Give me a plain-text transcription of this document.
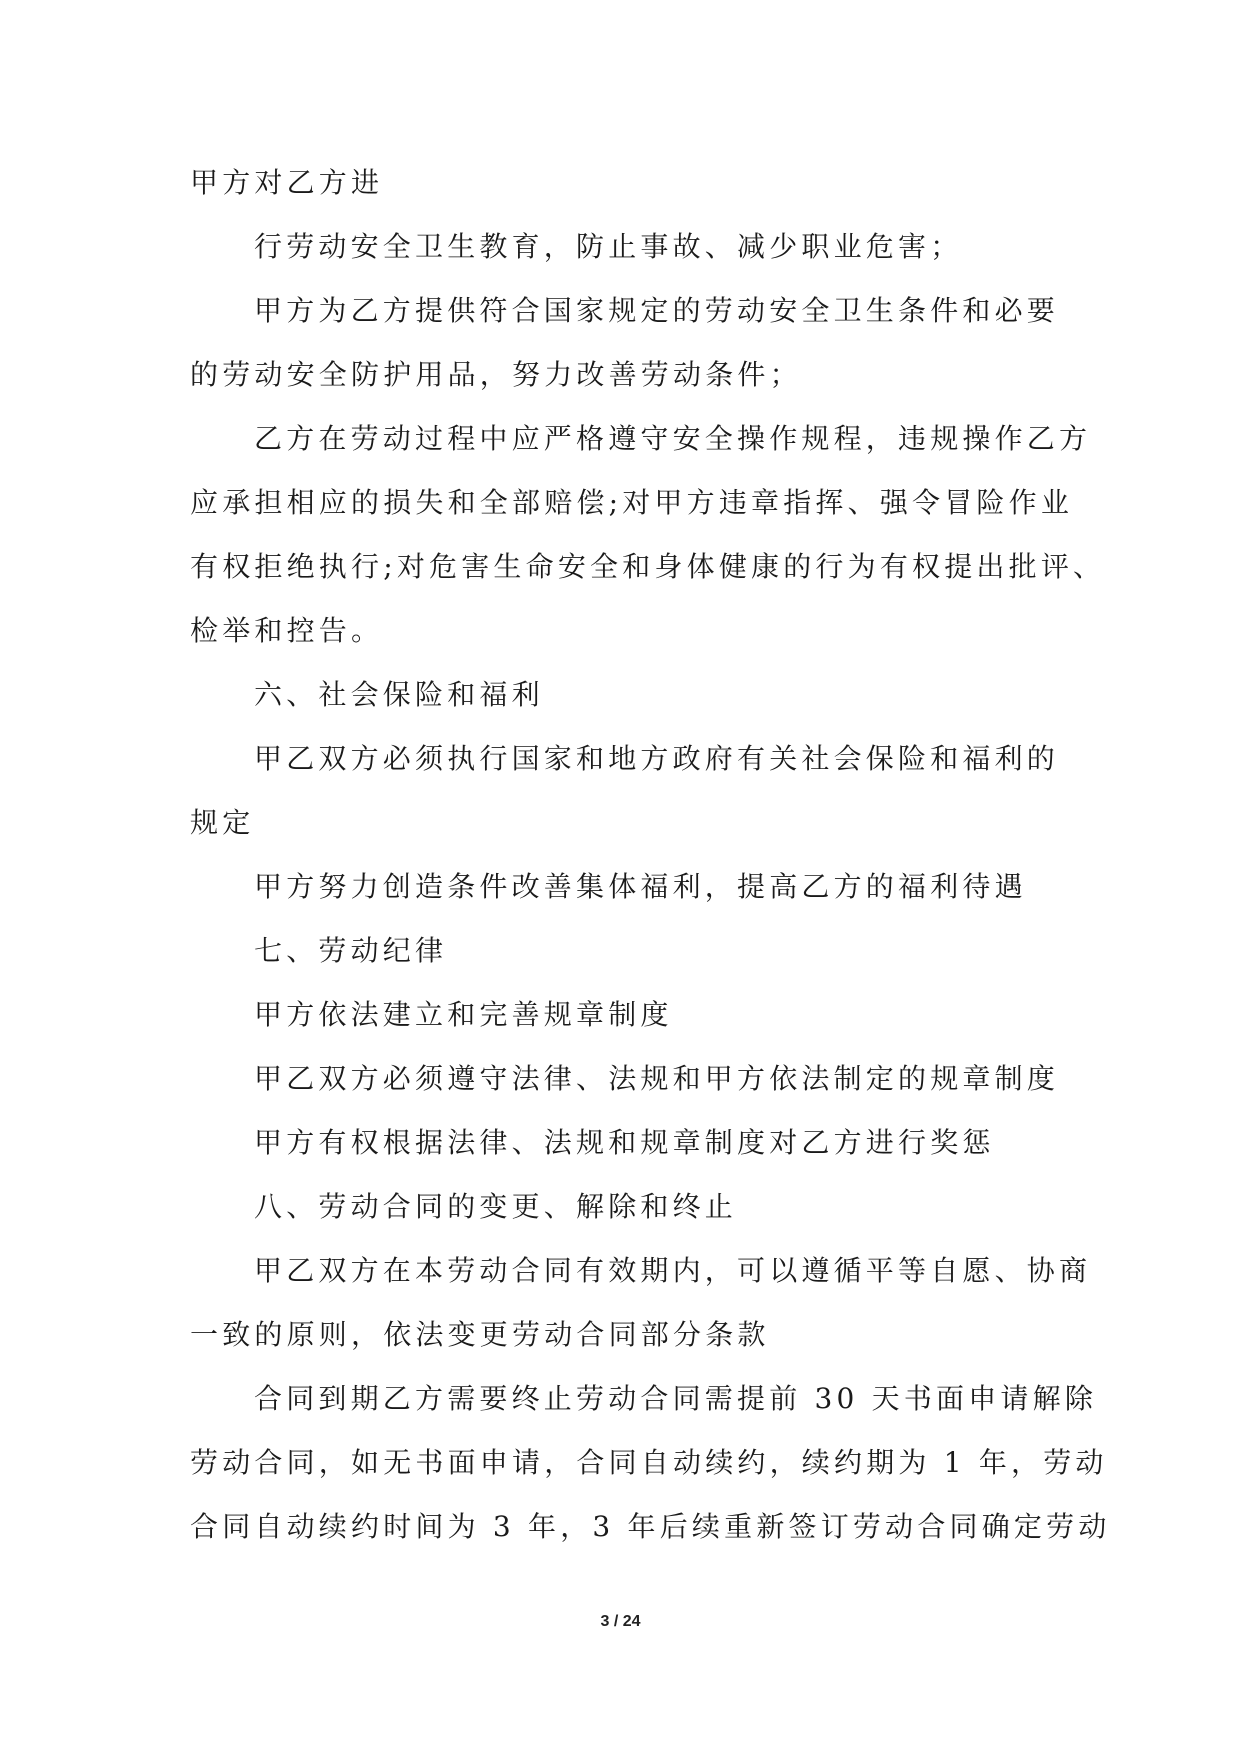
甲方对乙方进
行劳动安全卫生教育，防止事故、减少职业危害；
甲方为乙方提供符合国家规定的劳动安全卫生条件和必要
的劳动安全防护用品，努力改善劳动条件；
乙方在劳动过程中应严格遵守安全操作规程，违规操作乙方
应承担相应的损失和全部赔偿;对甲方违章指挥、强令冒险作业
有权拒绝执行;对危害生命安全和身体健康的行为有权提出批评、
检举和控告。
六、社会保险和福利
甲乙双方必须执行国家和地方政府有关社会保险和福利的
规定
甲方努力创造条件改善集体福利，提高乙方的福利待遇
七、劳动纪律
甲方依法建立和完善规章制度
甲乙双方必须遵守法律、法规和甲方依法制定的规章制度
甲方有权根据法律、法规和规章制度对乙方进行奖惩
八、劳动合同的变更、解除和终止
甲乙双方在本劳动合同有效期内，可以遵循平等自愿、协商
一致的原则，依法变更劳动合同部分条款
合同到期乙方需要终止劳动合同需提前 30 天书面申请解除
劳动合同，如无书面申请，合同自动续约，续约期为 1 年，劳动
合同自动续约时间为 3 年，3 年后续重新签订劳动合同确定劳动
3 / 24
